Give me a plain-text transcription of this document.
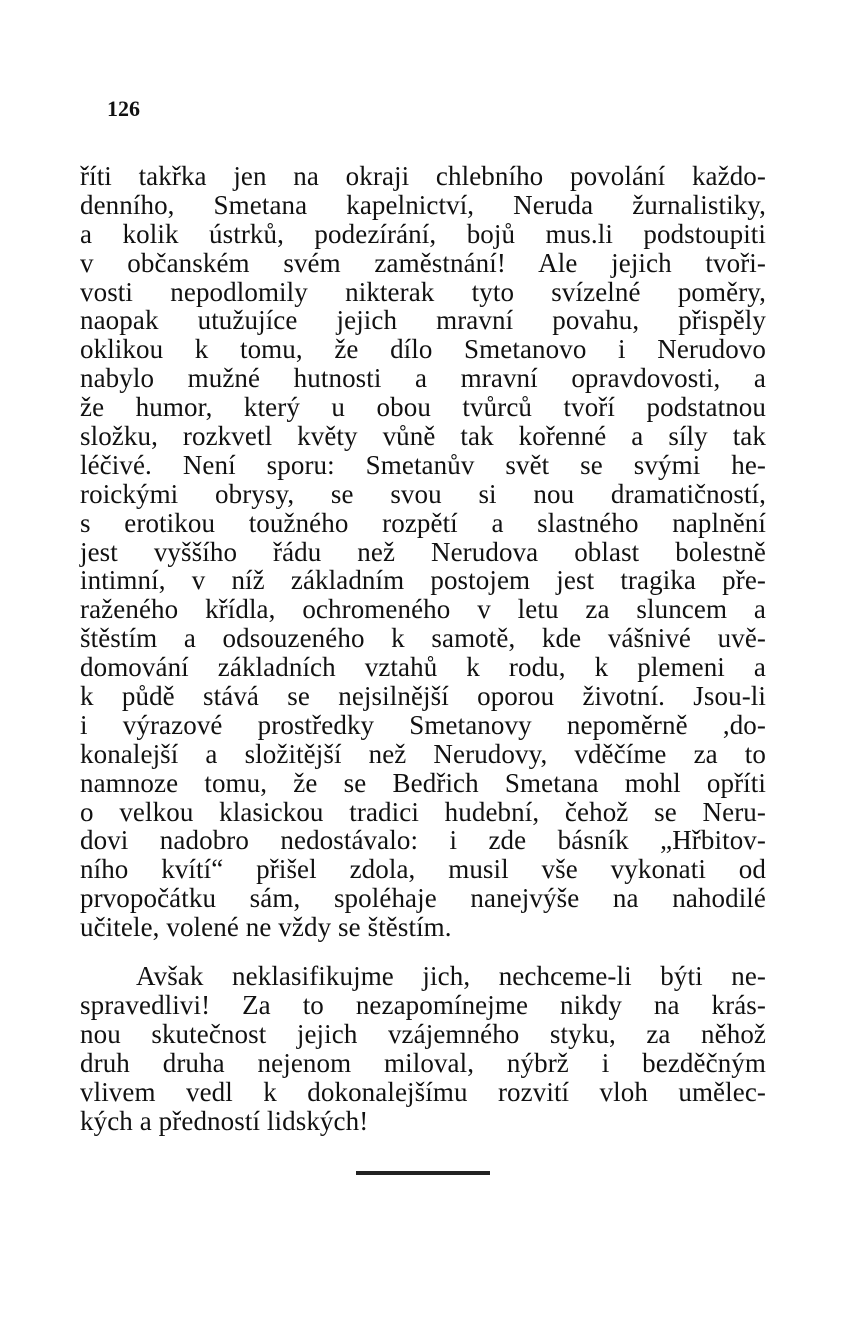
126
říti takřka jen na okraji chlebního povolání každo-
denního, Smetana kapelnictví, Neruda žurnalistiky,
a kolik ústrků, podezírání, bojů mus.li podstoupiti
v občanském svém zaměstnání! Ale jejich tvoři-
vosti nepodlomily nikterak tyto svízelné poměry,
naopak utužujíce jejich mravní povahu, přispěly
oklikou k tomu, že dílo Smetanovo i Nerudovo
nabylo mužné hutnosti a mravní opravdovosti, a
že humor, který u obou tvůrců tvoří podstatnou
složku, rozkvetl květy vůně tak kořenné a síly tak
léčivé. Není sporu: Smetanův svět se svými he-
roickými obrysy, se svou si nou dramatičností,
s erotikou toužného rozpětí a slastného naplnění
jest vyššího řádu než Nerudova oblast bolestně
intimní, v níž základním postojem jest tragika pře-
raženého křídla, ochromeného v letu za sluncem a
štěstím a odsouzeného k samotě, kde vášnivé uvě-
domování základních vztahů k rodu, k plemeni a
k půdě stává se nejsilnější oporou životní. Jsou-li
i výrazové prostředky Smetanovy nepoměrně ,do-
konalejší a složitější než Nerudovy, vděčíme za to
namnoze tomu, že se Bedřich Smetana mohl opříti
o velkou klasickou tradici hudební, čehož se Neru-
dovi nadobro nedostávalo: i zde básník „Hřbitov-
ního kvítí“ přišel zdola, musil vše vykonati od
prvopočátku sám, spoléhaje nanejvýše na nahodilé
učitele, volené ne vždy se štěstím.
Avšak neklasifikujme jich, nechceme-li býti ne-
spravedlivi! Za to nezapomínejme nikdy na krás-
nou skutečnost jejich vzájemného styku, za něhož
druh druha nejenom miloval, nýbrž i bezděčným
vlivem vedl k dokonalejšímu rozvití vloh umělec-
kých a předností lidských!
